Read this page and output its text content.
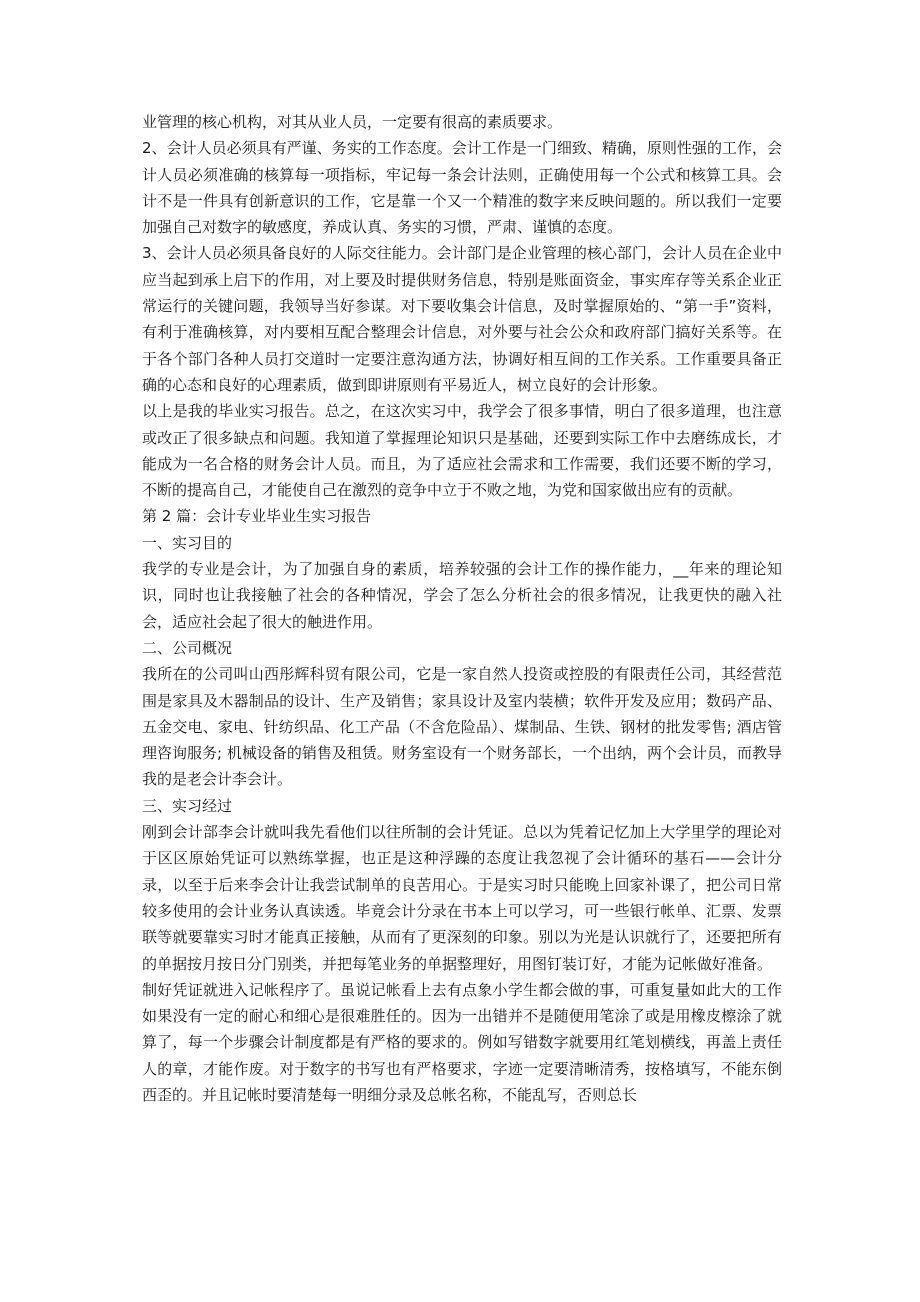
业管理的核心机构，对其从业人员，一定要有很高的素质要求。

2、会计人员必须具有严谨、务实的工作态度。会计工作是一门细致、精确，原则性强的工作，会计人员必须准确的核算每一项指标，牢记每一条会计法则，正确使用每一个公式和核算工具。会计不是一件具有创新意识的工作，它是靠一个又一个精准的数字来反映问题的。所以我们一定要加强自己对数字的敏感度，养成认真、务实的习惯，严肃、谨慎的态度。

3、会计人员必须具备良好的人际交往能力。会计部门是企业管理的核心部门，会计人员在企业中应当起到承上启下的作用，对上要及时提供财务信息，特别是账面资金，事实库存等关系企业正常运行的关键问题，我领导当好参谋。对下要收集会计信息，及时掌握原始的、“第一手”资料，有利于准确核算，对内要相互配合整理会计信息，对外要与社会公众和政府部门搞好关系等。在于各个部门各种人员打交道时一定要注意沟通方法，协调好相互间的工作关系。工作重要具备正确的心态和良好的心理素质，做到即讲原则有平易近人，树立良好的会计形象。

以上是我的毕业实习报告。总之，在这次实习中，我学会了很多事情，明白了很多道理，也注意或改正了很多缺点和问题。我知道了掌握理论知识只是基础，还要到实际工作中去磨练成长，才能成为一名合格的财务会计人员。而且，为了适应社会需求和工作需要，我们还要不断的学习，不断的提高自己，才能使自己在激烈的竞争中立于不败之地，为党和国家做出应有的贡献。

第 2 篇：会计专业毕业生实习报告

一、实习目的

我学的专业是会计，为了加强自身的素质，培养较强的会计工作的操作能力，__年来的理论知识，同时也让我接触了社会的各种情况，学会了怎么分析社会的很多情况，让我更快的融入社会，适应社会起了很大的触进作用。

二、公司概况

我所在的公司叫山西彤辉科贸有限公司，它是一家自然人投资或控股的有限责任公司，其经营范围是家具及木器制品的设计、生产及销售；家具设计及室内装横；软件开发及应用；数码产品、五金交电、家电、针纺织品、化工产品（不含危险品）、煤制品、生铁、钢材的批发零售; 酒店管理咨询服务; 机械设备的销售及租赁。财务室设有一个财务部长，一个出纳，两个会计员，而教导我的是老会计李会计。

三、实习经过

刚到会计部李会计就叫我先看他们以往所制的会计凭证。总以为凭着记忆加上大学里学的理论对于区区原始凭证可以熟练掌握，也正是这种浮躁的态度让我忽视了会计循环的基石——会计分录，以至于后来李会计让我尝试制单的良苦用心。于是实习时只能晚上回家补课了，把公司日常较多使用的会计业务认真读透。毕竟会计分录在书本上可以学习，可一些银行帐单、汇票、发票联等就要靠实习时才能真正接触，从而有了更深刻的印象。别以为光是认识就行了，还要把所有的单据按月按日分门别类，并把每笔业务的单据整理好，用图钉装订好，才能为记帐做好准备。

制好凭证就进入记帐程序了。虽说记帐看上去有点象小学生都会做的事，可重复量如此大的工作如果没有一定的耐心和细心是很难胜任的。因为一出错并不是随便用笔涂了或是用橡皮檫涂了就算了，每一个步骤会计制度都是有严格的要求的。例如写错数字就要用红笔划横线，再盖上责任人的章，才能作废。对于数字的书写也有严格要求，字迹一定要清晰清秀，按格填写，不能东倒西歪的。并且记帐时要清楚每一明细分录及总帐名称，不能乱写，否则总长
